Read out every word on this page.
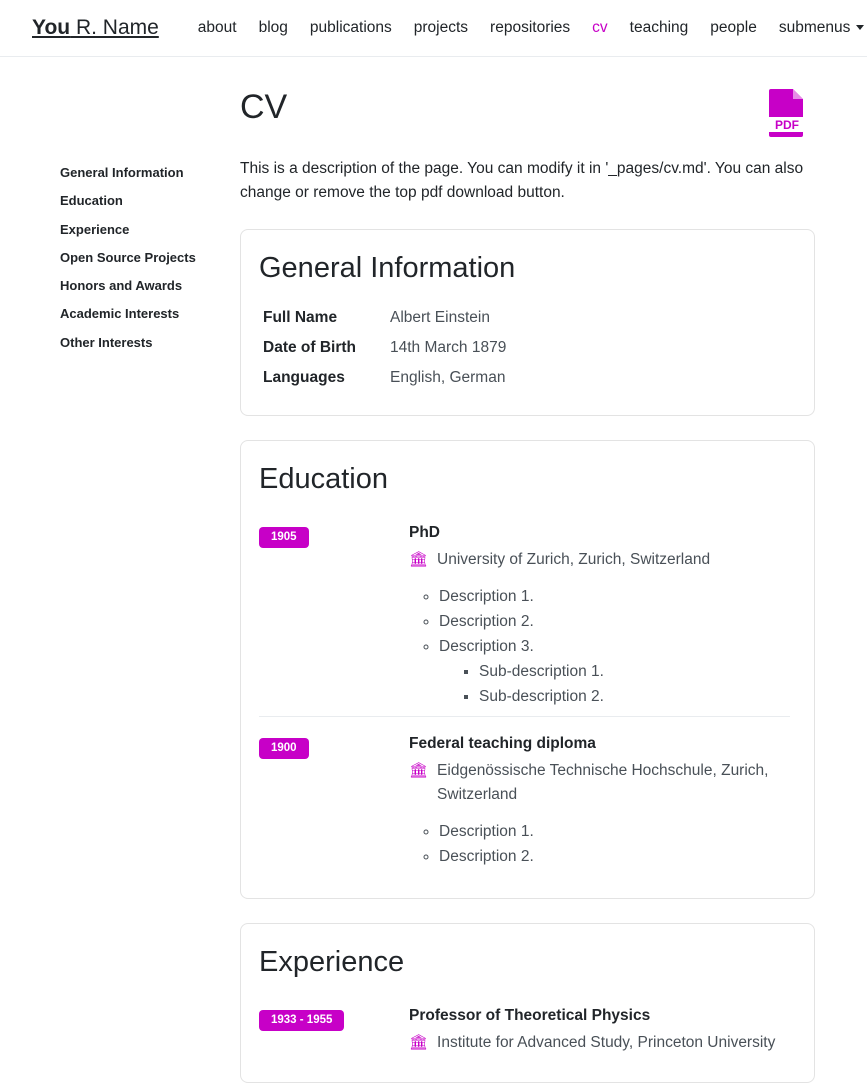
You R. Name	about	blog	publications	projects	repositories	cv	teaching	people	submenus
General Information
Education
Experience
Open Source Projects
Honors and Awards
Academic Interests
Other Interests
CV	PDF

This is a description of the page. You can modify it in '_pages/cv.md'. You can also change or remove the top pdf download button.

General Information
Full Name	Albert Einstein
Date of Birth	14th March 1879
Languages	English, German
Education
1905	PhD

🏛 University of Zurich, Zurich, Switzerland

◦ Description 1.
◦ Description 2.
◦ Description 3.
▪ Sub-description 1.
▪ Sub-description 2.
1900	Federal teaching diploma

🏛 Eidgenössische Technische Hochschule, Zurich, Switzerland

◦ Description 1.
◦ Description 2.
Experience
1933 - 1955	Professor of Theoretical Physics

🏛 Institute for Advanced Study, Princeton University
